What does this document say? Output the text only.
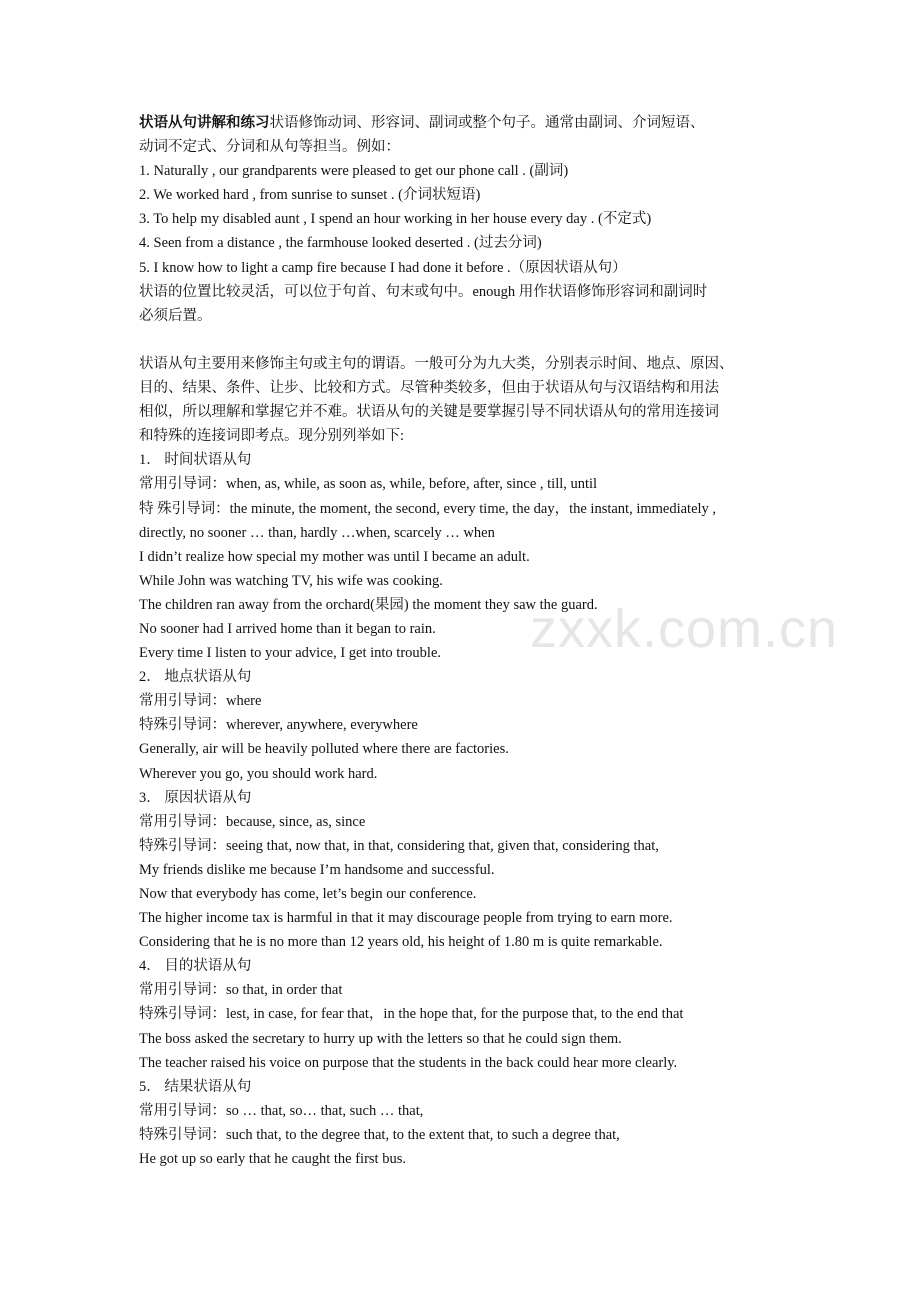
zxxk.com.cn
状语从句讲解和练习状语修饰动词、形容词、副词或整个句子。通常由副词、介词短语、
动词不定式、分词和从句等担当。例如：
1. Naturally , our grandparents were pleased to get our phone call . (副词)
2. We worked hard , from sunrise to sunset . (介词状短语)
3. To help my disabled aunt , I spend an hour working in her house every day . (不定式)
4. Seen from a distance , the farmhouse looked deserted . (过去分词)
5. I know how to light a camp fire because I had done it before .（原因状语从句）
状语的位置比较灵活，可以位于句首、句末或句中。enough 用作状语修饰形容词和副词时
必须后置。
状语从句主要用来修饰主句或主句的谓语。一般可分为九大类，分别表示时间、地点、原因、
目的、结果、条件、让步、比较和方式。尽管种类较多，但由于状语从句与汉语结构和用法
相似，所以理解和掌握它并不难。状语从句的关键是要掌握引导不同状语从句的常用连接词
和特殊的连接词即考点。现分别列举如下:
1． 时间状语从句
常用引导词：when, as, while, as soon as, while, before, after, since , till, until
特 殊引导词：the minute, the moment, the second, every time, the day，the instant, immediately ,
directly, no sooner … than, hardly …when, scarcely … when
I didn’t realize how special my mother was until I became an adult.
While John was watching TV, his wife was cooking.
The children ran away from the orchard(果园) the moment they saw the guard.
No sooner had I arrived home than it began to rain.
Every time I listen to your advice, I get into trouble.
2． 地点状语从句
常用引导词：where
特殊引导词：wherever, anywhere, everywhere
Generally, air will be heavily polluted where there are factories.
Wherever you go, you should work hard.
3． 原因状语从句
常用引导词：because, since, as, since
特殊引导词：seeing that, now that, in that, considering that, given that, considering that,
My friends dislike me because I’m handsome and successful.
Now that everybody has come, let’s begin our conference.
The higher income tax is harmful in that it may discourage people from trying to earn more.
Considering that he is no more than 12 years old, his height of 1.80 m is quite remarkable.
4． 目的状语从句
常用引导词：so that, in order that
特殊引导词：lest, in case, for fear that，in the hope that, for the purpose that, to the end that
The boss asked the secretary to hurry up with the letters so that he could sign them.
The teacher raised his voice on purpose that the students in the back could hear more clearly.
5． 结果状语从句
常用引导词：so … that, so… that, such … that,
特殊引导词：such that, to the degree that, to the extent that, to such a degree that,
He got up so early that he caught the first bus.
